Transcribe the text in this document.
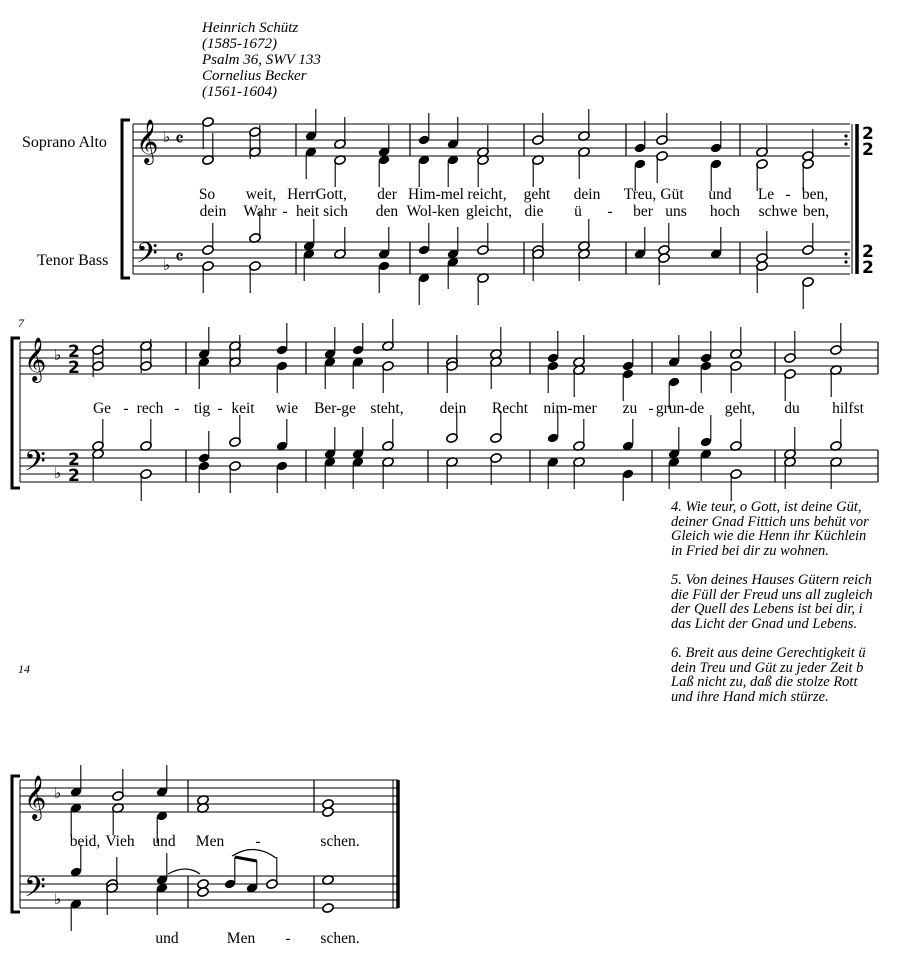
Heinrich Schütz
(1585-1672)
Psalm 36, SWV 133
Cornelius Becker
(1561-1604)
Soprano Alto
Tenor Bass
7
14
𝄞
𝄢
♭
♭
𝄴
𝄴
2
2
2
2
𝄞
𝄢
♭
♭
2
2
2
2
𝄞
𝄢
♭
♭
So weit, HerrGott, der Him-mel reicht, geht dein Treu, Güt und Le - ben,
dein Wahr - heit sich den Wol-ken gleicht, die ü - ber uns hoch schwe ben,
Ge - rech - tig - keit wie Ber-ge steht, dein Recht nim-mer zu - grun-de geht, du hilfst
beid, Vieh und Men -	schen.
und	Men - schen.
4. Wie teur, o Gott, ist deine Güt,
deiner Gnad Fittich uns behüt vor
Gleich wie die Henn ihr Küchlein
in Fried bei dir zu wohnen.
5. Von deines Hauses Gütern reich
die Füll der Freud uns all zugleich
der Quell des Lebens ist bei dir, i
das Licht der Gnad und Lebens.
6. Breit aus deine Gerechtigkeit ü
dein Treu und Güt zu jeder Zeit b
Laß nicht zu, daß die stolze Rott
und ihre Hand mich stürze.
